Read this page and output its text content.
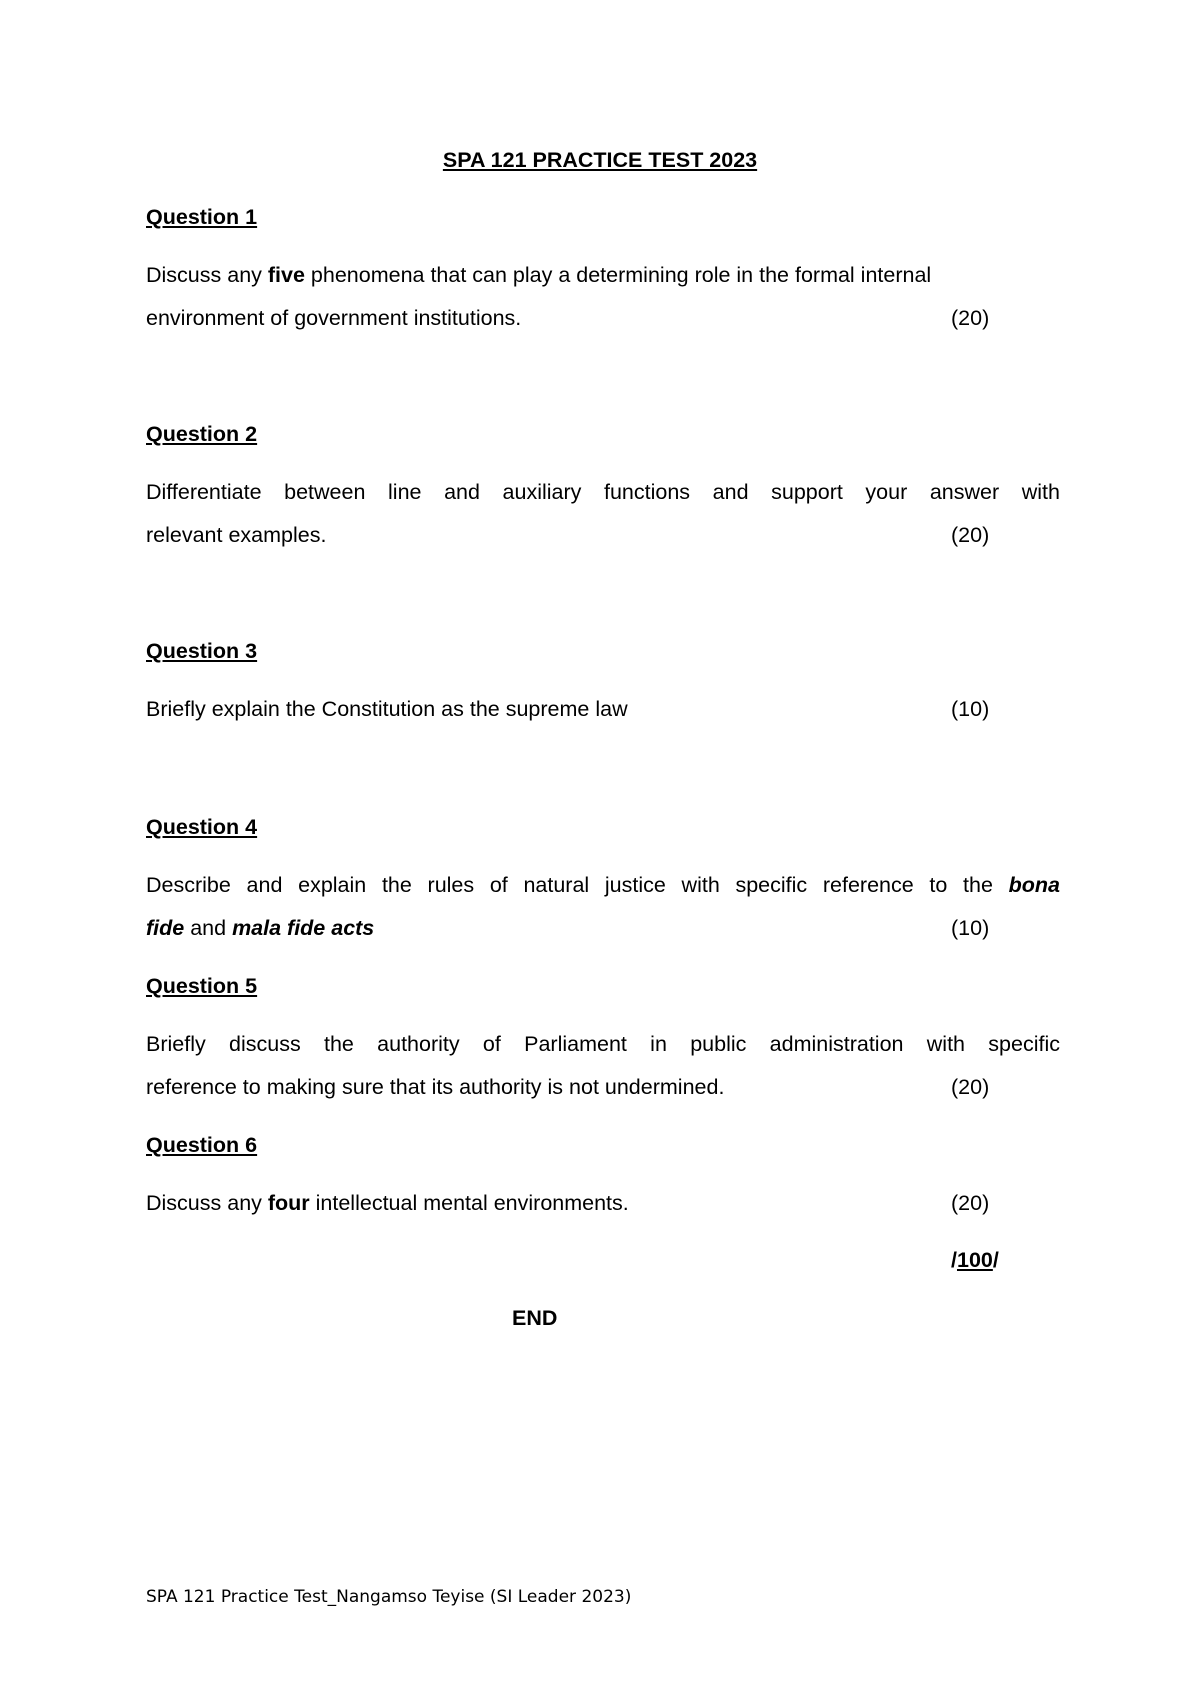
SPA 121 PRACTICE TEST 2023
Question 1
Discuss any five phenomena that can play a determining role in the formal internal
environment of government institutions.	(20)
Question 2
Differentiate between line and auxiliary functions and support your answer with
relevant examples.	(20)
Question 3
Briefly explain the Constitution as the supreme law	(10)
Question 4
Describe and explain the rules of natural justice with specific reference to the bona
fide and mala fide acts	(10)
Question 5
Briefly discuss the authority of Parliament in public administration with specific
reference to making sure that its authority is not undermined.	(20)
Question 6
Discuss any four intellectual mental environments.	(20)
/100/
END
SPA 121 Practice Test_Nangamso Teyise (SI Leader 2023)
